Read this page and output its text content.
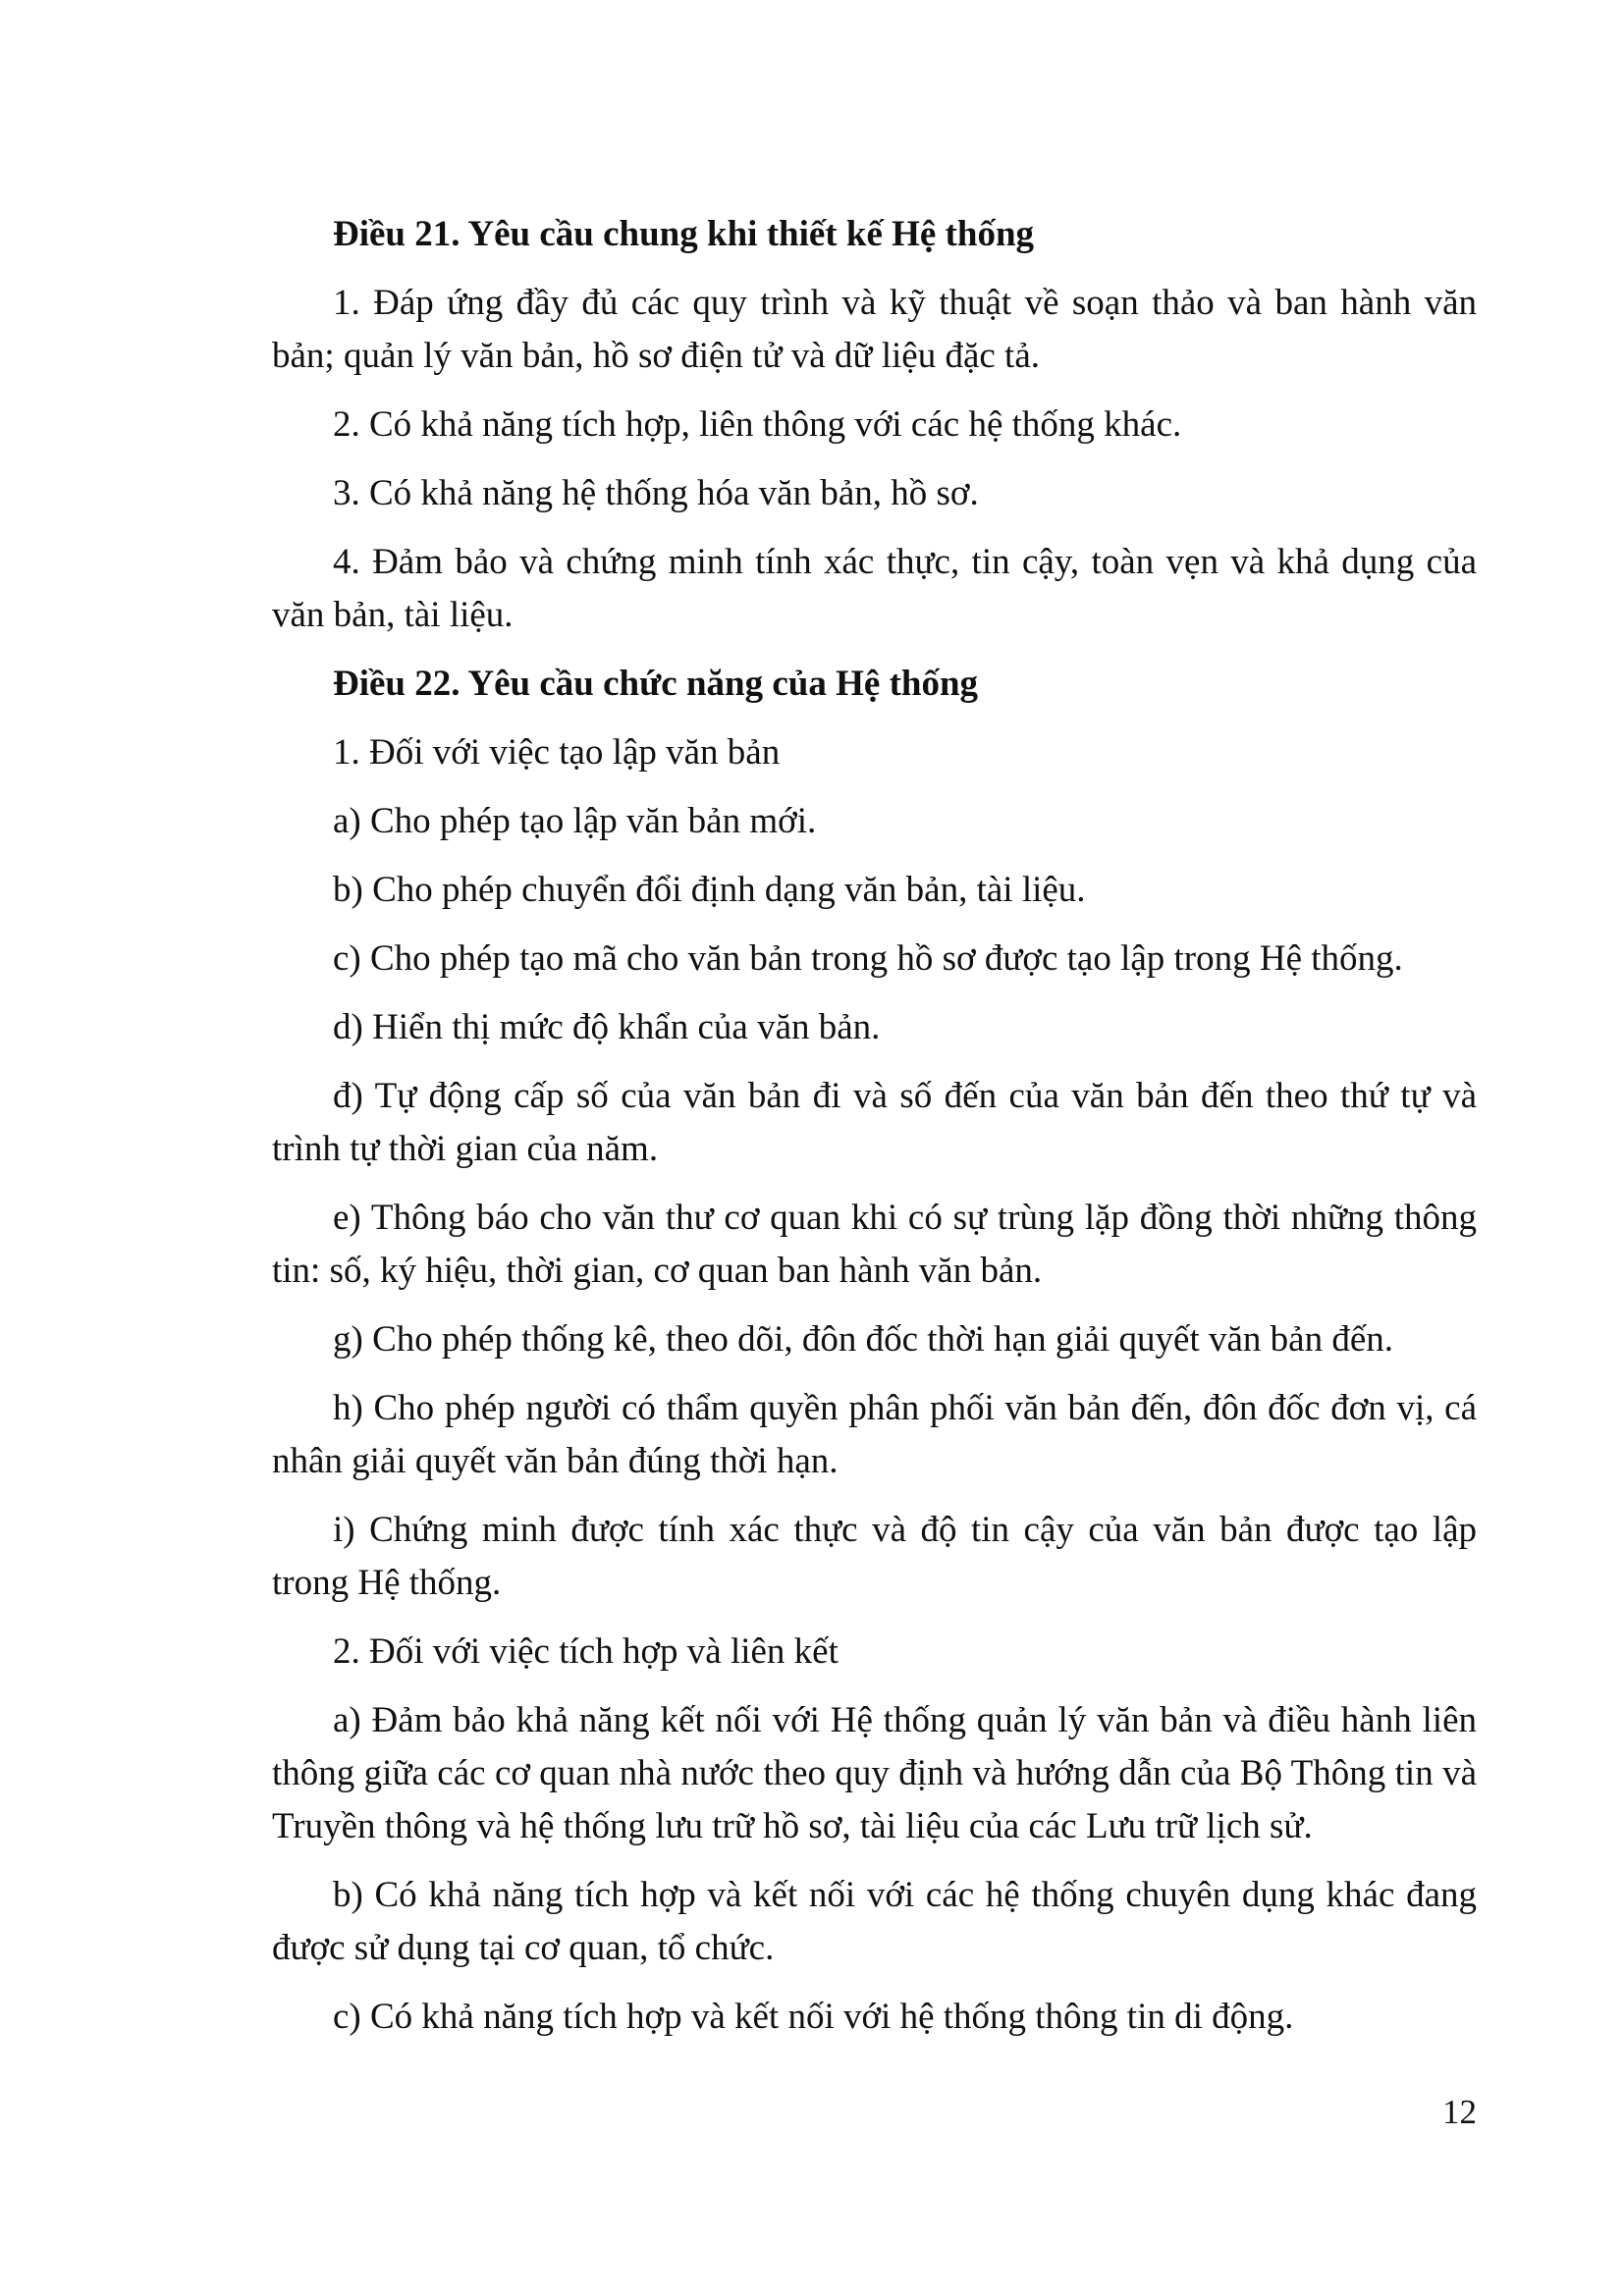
Điều 21. Yêu cầu chung khi thiết kế Hệ thống

1. Đáp ứng đầy đủ các quy trình và kỹ thuật về soạn thảo và ban hành văn bản; quản lý văn bản, hồ sơ điện tử và dữ liệu đặc tả.

2. Có khả năng tích hợp, liên thông với các hệ thống khác.

3. Có khả năng hệ thống hóa văn bản, hồ sơ.

4. Đảm bảo và chứng minh tính xác thực, tin cậy, toàn vẹn và khả dụng của văn bản, tài liệu.

Điều 22. Yêu cầu chức năng của Hệ thống

1. Đối với việc tạo lập văn bản

a) Cho phép tạo lập văn bản mới.

b) Cho phép chuyển đổi định dạng văn bản, tài liệu.

c) Cho phép tạo mã cho văn bản trong hồ sơ được tạo lập trong Hệ thống.

d) Hiển thị mức độ khẩn của văn bản.

đ) Tự động cấp số của văn bản đi và số đến của văn bản đến theo thứ tự và trình tự thời gian của năm.

e) Thông báo cho văn thư cơ quan khi có sự trùng lặp đồng thời những thông tin: số, ký hiệu, thời gian, cơ quan ban hành văn bản.

g) Cho phép thống kê, theo dõi, đôn đốc thời hạn giải quyết văn bản đến.

h) Cho phép người có thẩm quyền phân phối văn bản đến, đôn đốc đơn vị, cá nhân giải quyết văn bản đúng thời hạn.

i) Chứng minh được tính xác thực và độ tin cậy của văn bản được tạo lập trong Hệ thống.

2. Đối với việc tích hợp và liên kết

a) Đảm bảo khả năng kết nối với Hệ thống quản lý văn bản và điều hành liên thông giữa các cơ quan nhà nước theo quy định và hướng dẫn của Bộ Thông tin và Truyền thông và hệ thống lưu trữ hồ sơ, tài liệu của các Lưu trữ lịch sử.

b) Có khả năng tích hợp và kết nối với các hệ thống chuyên dụng khác đang được sử dụng tại cơ quan, tổ chức.

c) Có khả năng tích hợp và kết nối với hệ thống thông tin di động.

12
